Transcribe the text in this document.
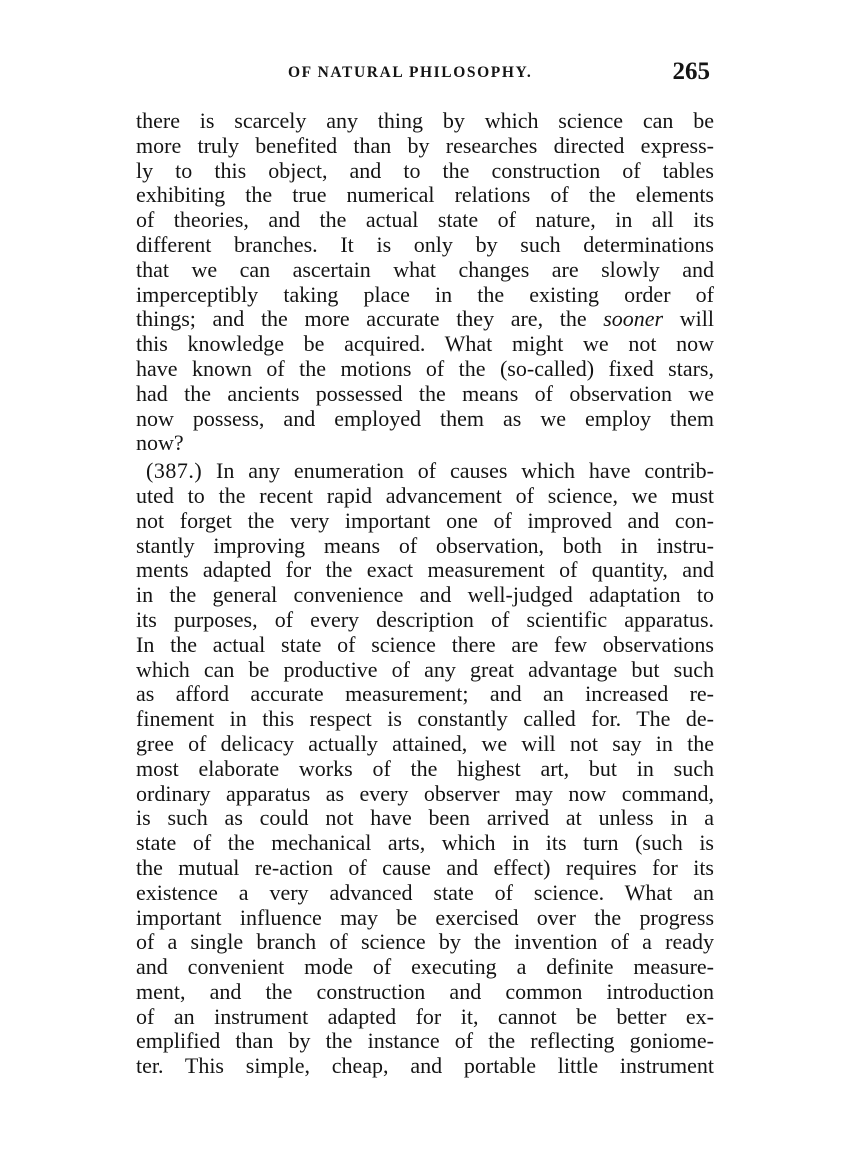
OF NATURAL PHILOSOPHY.	265
there is scarcely any thing by which science can be
more truly benefited than by researches directed express-
ly to this object, and to the construction of tables
exhibiting the true numerical relations of the elements
of theories, and the actual state of nature, in all its
different branches. It is only by such determinations
that we can ascertain what changes are slowly and
imperceptibly taking place in the existing order of
things; and the more accurate they are, the sooner will
this knowledge be acquired. What might we not now
have known of the motions of the (so-called) fixed stars,
had the ancients possessed the means of observation we
now possess, and employed them as we employ them
now?
(387.) In any enumeration of causes which have contrib-
uted to the recent rapid advancement of science, we must
not forget the very important one of improved and con-
stantly improving means of observation, both in instru-
ments adapted for the exact measurement of quantity, and
in the general convenience and well-judged adaptation to
its purposes, of every description of scientific apparatus.
In the actual state of science there are few observations
which can be productive of any great advantage but such
as afford accurate measurement; and an increased re-
finement in this respect is constantly called for. The de-
gree of delicacy actually attained, we will not say in the
most elaborate works of the highest art, but in such
ordinary apparatus as every observer may now command,
is such as could not have been arrived at unless in a
state of the mechanical arts, which in its turn (such is
the mutual re-action of cause and effect) requires for its
existence a very advanced state of science. What an
important influence may be exercised over the progress
of a single branch of science by the invention of a ready
and convenient mode of executing a definite measure-
ment, and the construction and common introduction
of an instrument adapted for it, cannot be better ex-
emplified than by the instance of the reflecting goniome-
ter. This simple, cheap, and portable little instrument
